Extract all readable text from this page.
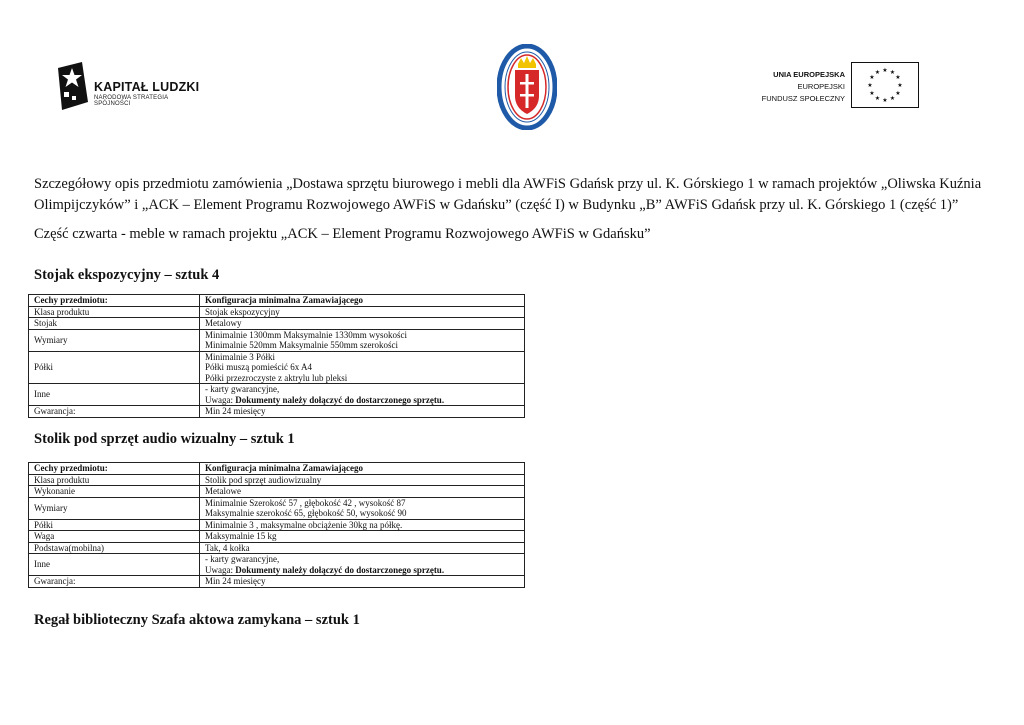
KAPITAŁ LUDZKI
NARODOWA STRATEGIA SPÓJNOŚCI
UNIA EUROPEJSKA
EUROPEJSKI
FUNDUSZ SPOŁECZNY
★ ★
★
★
★
★
★
★
★
★
★
★
Szczegółowy opis przedmiotu zamówienia „Dostawa sprzętu biurowego i mebli dla AWFiS Gdańsk przy ul. K. Górskiego 1 w ramach projektów „Oliwska Kuźnia Olimpijczyków” i „ACK – Element Programu Rozwojowego AWFiS w Gdańsku” (część I) w Budynku „B” AWFiS Gdańsk przy ul. K. Górskiego 1 (część 1)”
Część czwarta - meble w ramach projektu „ACK – Element Programu Rozwojowego AWFiS w Gdańsku”
Stojak ekspozycyjny – sztuk 4
Cechy przedmiotu:	Konfiguracja minimalna Zamawiającego
Klasa produktu	Stojak ekspozycyjny
Stojak	Metalowy
Wymiary	Minimalnie 1300mm Maksymalnie 1330mm wysokości
Minimalnie 520mm Maksymalnie 550mm szerokości

Półki	Minimalnie 3 Półki
Półki muszą pomieścić 6x A4
Półki przezroczyste z aktrylu lub pleksi

Inne	- karty gwarancyjne,
Uwaga: Dokumenty należy dołączyć do dostarczonego sprzętu.

Gwarancja:	Min 24 miesięcy
Stolik pod sprzęt audio wizualny – sztuk 1
Cechy przedmiotu:	Konfiguracja minimalna Zamawiającego
Klasa produktu	Stolik pod sprzęt audiowizualny
Wykonanie	Metalowe
Wymiary	Minimalnie Szerokość 57 , głębokość 42 , wysokość 87
Maksymalnie szerokość 65, głębokość 50, wysokość 90

Półki	Minimalnie 3 , maksymalne obciążenie 30kg na półkę.
Waga	Maksymalnie 15 kg
Podstawa(mobilna)	Tak, 4 kołka
Inne	- karty gwarancyjne,
Uwaga: Dokumenty należy dołączyć do dostarczonego sprzętu.

Gwarancja:	Min 24 miesięcy
Regał biblioteczny Szafa aktowa zamykana – sztuk 1
